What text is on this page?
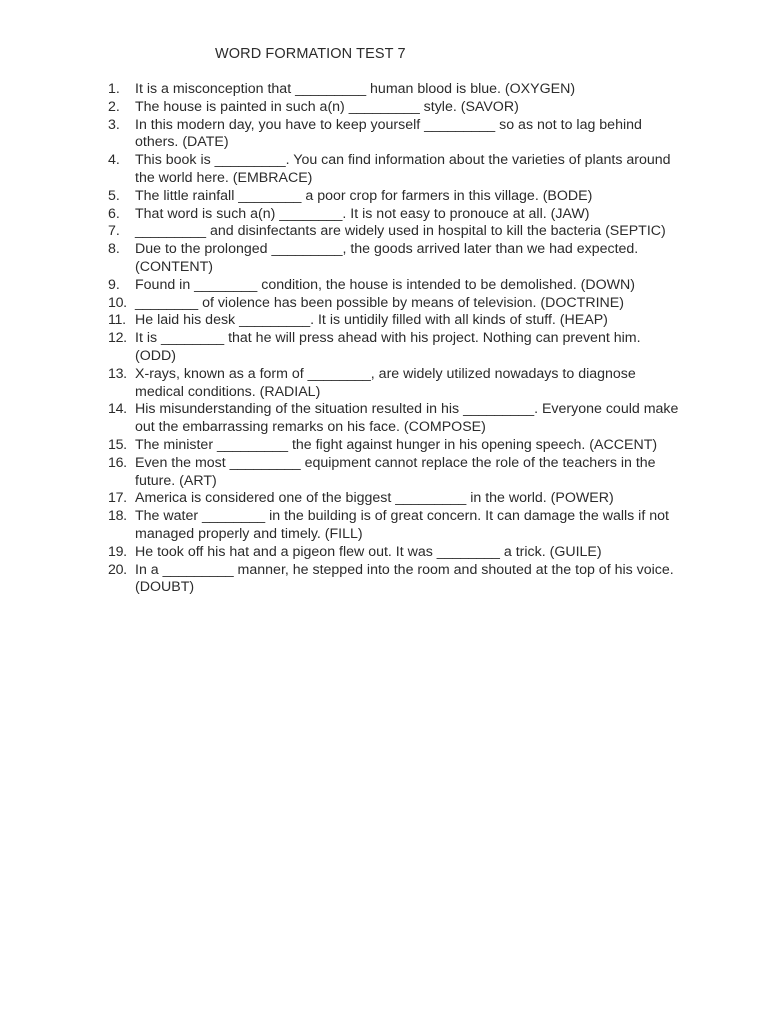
WORD FORMATION TEST 7
1.	It is a misconception that _________ human blood is blue. (OXYGEN)
2.	The house is painted in such a(n) _________ style. (SAVOR)
3.	In this modern day, you have to keep yourself _________ so as not to lag behind others. (DATE)
4.	This book is _________. You can find information about the varieties of plants around the world here. (EMBRACE)
5.	The little rainfall ________ a poor crop for farmers in this village. (BODE)
6.	That word is such a(n) ________. It is not easy to pronouce at all. (JAW)
7.	_________ and disinfectants are widely used in hospital to kill the bacteria (SEPTIC)
8.	Due to the prolonged _________, the goods arrived later than we had expected. (CONTENT)
9.	Found in ________ condition, the house is intended to be demolished. (DOWN)
10. ________ of violence has been possible by means of television. (DOCTRINE)
11. He laid his desk _________. It is untidily filled with all kinds of stuff. (HEAP)
12. It is ________ that he will press ahead with his project. Nothing can prevent him. (ODD)
13. X-rays, known as a form of ________, are widely utilized nowadays to diagnose medical conditions. (RADIAL)
14. His misunderstanding of the situation resulted in his _________. Everyone could make out the embarrassing remarks on his face. (COMPOSE)
15. The minister _________ the fight against hunger in his opening speech. (ACCENT)
16. Even the most _________ equipment cannot replace the role of the teachers in the future. (ART)
17. America is considered one of the biggest _________ in the world. (POWER)
18. The water ________ in the building is of great concern. It can damage the walls if not managed properly and timely. (FILL)
19. He took off his hat and a pigeon flew out. It was ________ a trick. (GUILE)
20. In a _________ manner, he stepped into the room and shouted at the top of his voice. (DOUBT)
